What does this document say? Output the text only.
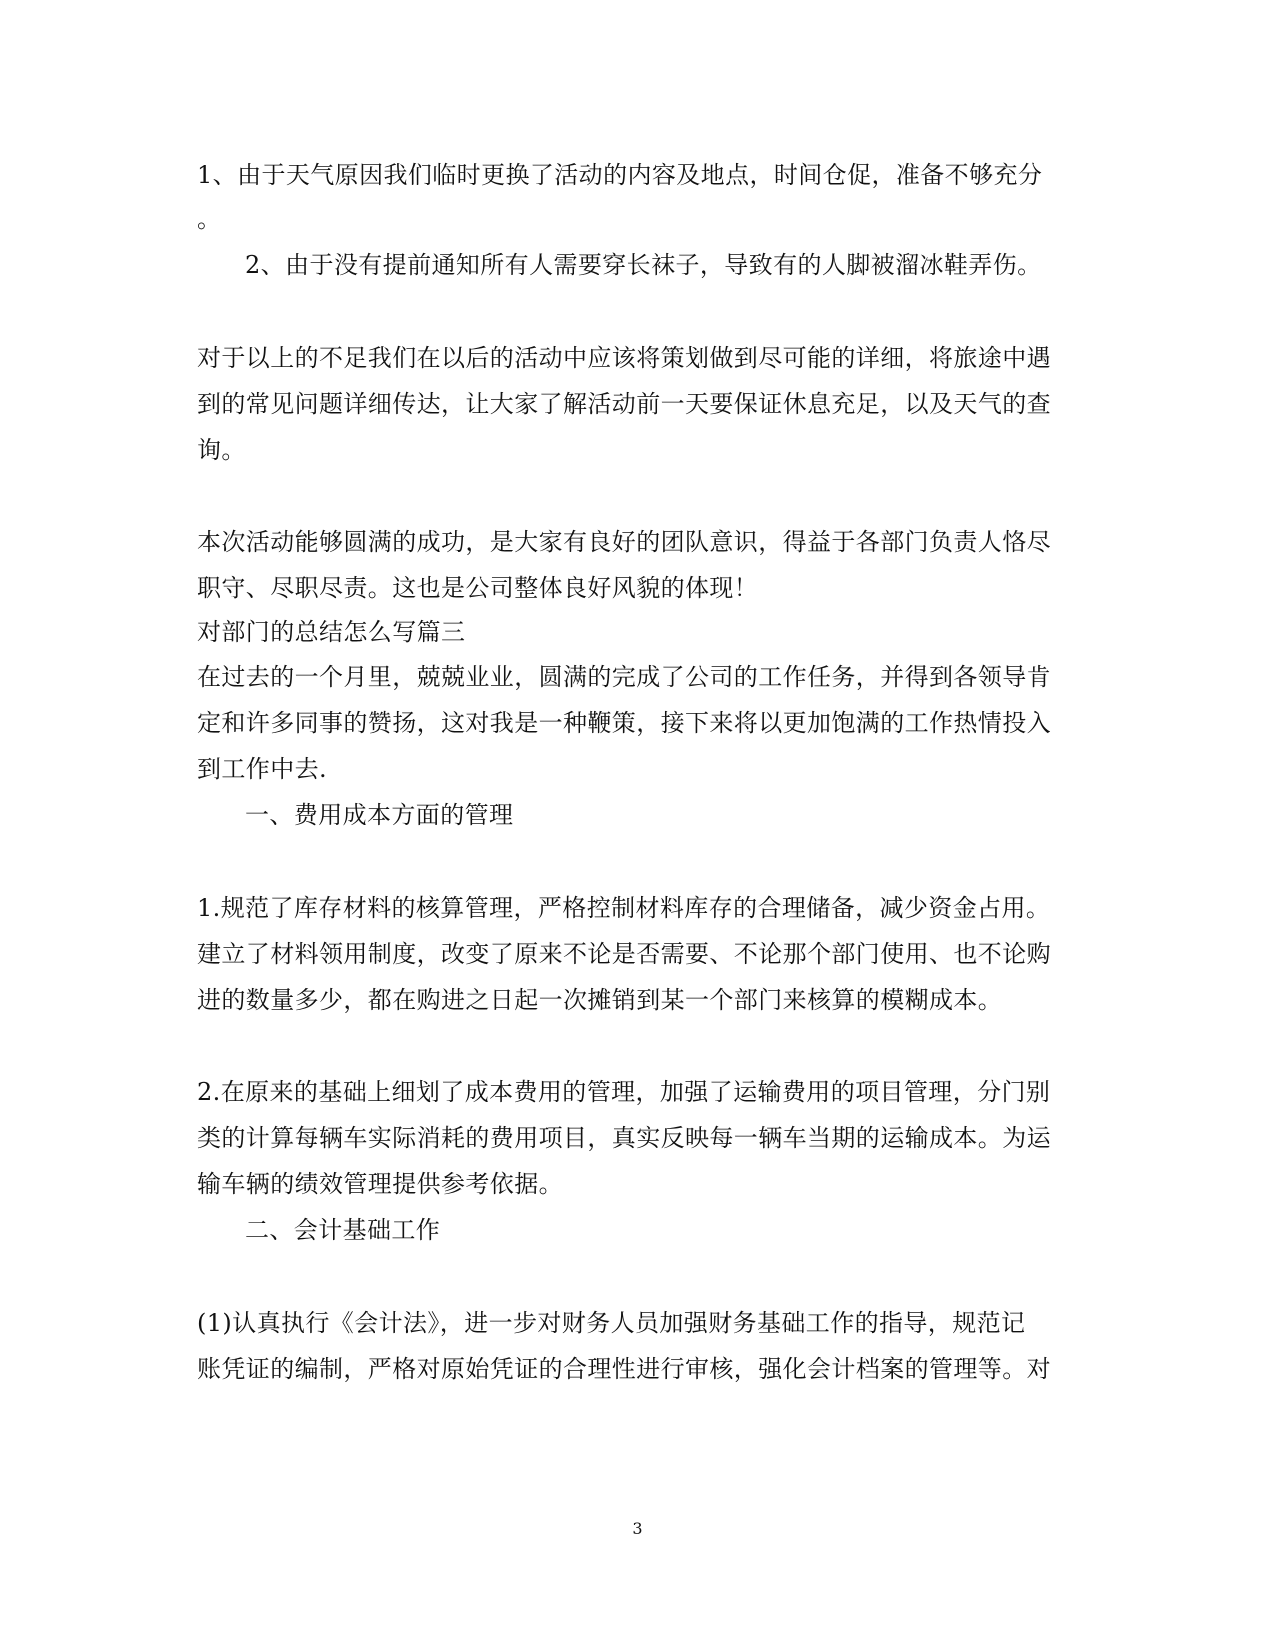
1、由于天气原因我们临时更换了活动的内容及地点，时间仓促，准备不够充分
。
2、由于没有提前通知所有人需要穿长袜子，导致有的人脚被溜冰鞋弄伤。
对于以上的不足我们在以后的活动中应该将策划做到尽可能的详细，将旅途中遇
到的常见问题详细传达，让大家了解活动前一天要保证休息充足，以及天气的查
询。
本次活动能够圆满的成功，是大家有良好的团队意识，得益于各部门负责人恪尽
职守、尽职尽责。这也是公司整体良好风貌的体现！
对部门的总结怎么写篇三
在过去的一个月里，兢兢业业，圆满的完成了公司的工作任务，并得到各领导肯
定和许多同事的赞扬，这对我是一种鞭策，接下来将以更加饱满的工作热情投入
到工作中去.
一、费用成本方面的管理
1.规范了库存材料的核算管理，严格控制材料库存的合理储备，减少资金占用。
建立了材料领用制度，改变了原来不论是否需要、不论那个部门使用、也不论购
进的数量多少，都在购进之日起一次摊销到某一个部门来核算的模糊成本。
2.在原来的基础上细划了成本费用的管理，加强了运输费用的项目管理，分门别
类的计算每辆车实际消耗的费用项目，真实反映每一辆车当期的运输成本。为运
输车辆的绩效管理提供参考依据。
二、会计基础工作
(1)认真执行《会计法》，进一步对财务人员加强财务基础工作的指导，规范记
账凭证的编制，严格对原始凭证的合理性进行审核，强化会计档案的管理等。对
3
